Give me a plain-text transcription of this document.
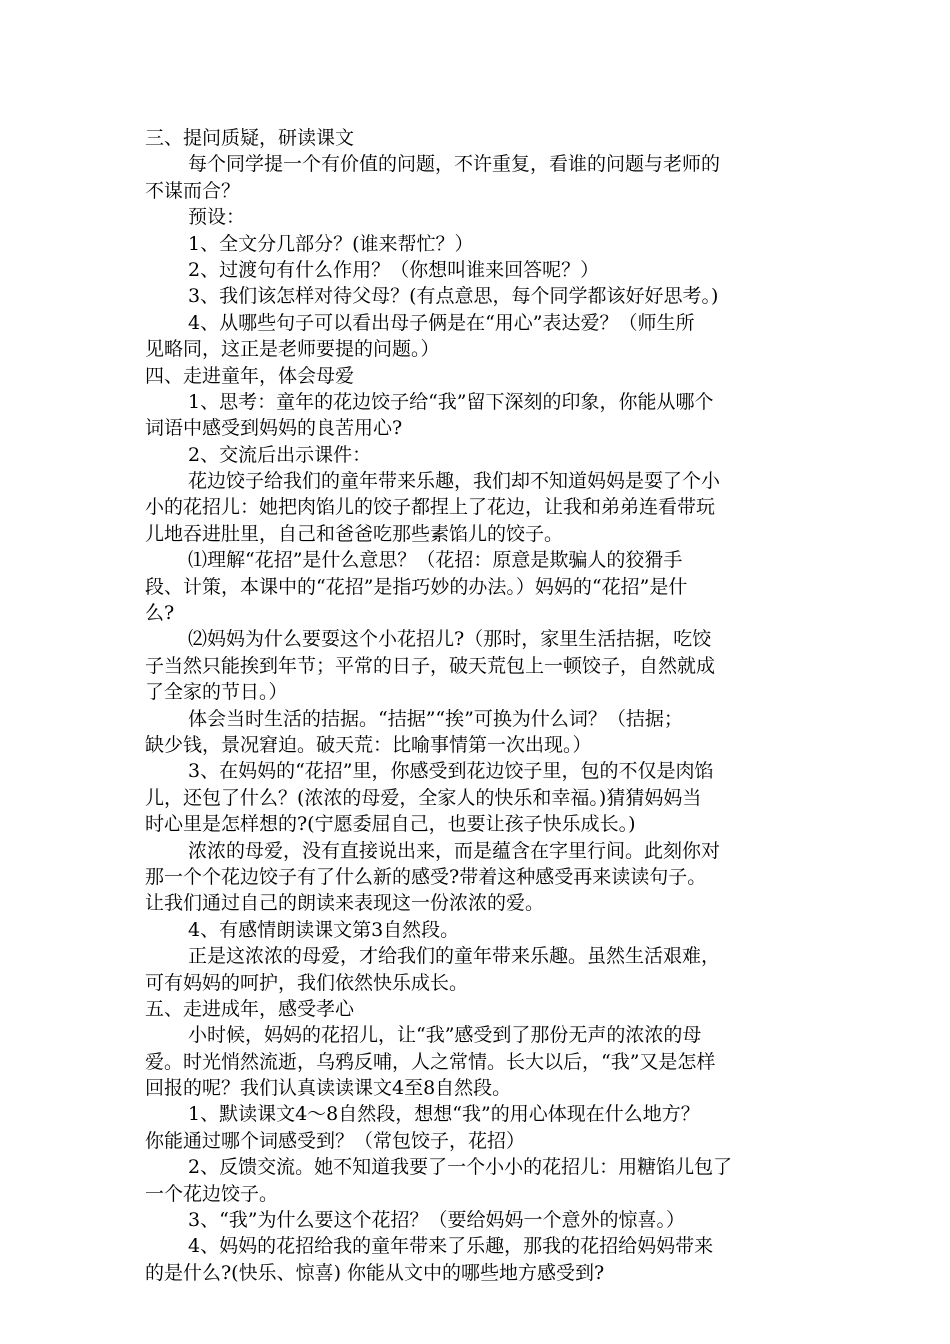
三、提问质疑，研读课文
每个同学提一个有价值的问题，不许重复，看谁的问题与老师的
不谋而合？
预设：
1、全文分几部分？(谁来帮忙？）
2、过渡句有什么作用？（你想叫谁来回答呢？）
3、我们该怎样对待父母？(有点意思，每个同学都该好好思考。)
4、从哪些句子可以看出母子俩是在“用心”表达爱？（师生所
见略同，这正是老师要提的问题。）
四、走进童年，体会母爱
1、思考：童年的花边饺子给“我”留下深刻的印象，你能从哪个
词语中感受到妈妈的良苦用心?
2、交流后出示课件：
花边饺子给我们的童年带来乐趣，我们却不知道妈妈是耍了个小
小的花招儿：她把肉馅儿的饺子都捏上了花边，让我和弟弟连看带玩
儿地吞进肚里，自己和爸爸吃那些素馅儿的饺子。
⑴理解“花招”是什么意思？（花招：原意是欺骗人的狡猾手
段、计策，本课中的“花招”是指巧妙的办法。）妈妈的“花招”是什
么?
⑵妈妈为什么要耍这个小花招儿?（那时，家里生活拮据，吃饺
子当然只能挨到年节；平常的日子，破天荒包上一顿饺子，自然就成
了全家的节日。）
体会当时生活的拮据。“拮据”“挨”可换为什么词？（拮据；
缺少钱，景况窘迫。破天荒：比喻事情第一次出现。）
3、在妈妈的“花招”里，你感受到花边饺子里，包的不仅是肉馅
儿，还包了什么？(浓浓的母爱，全家人的快乐和幸福。)猜猜妈妈当
时心里是怎样想的?(宁愿委屈自己，也要让孩子快乐成长。)
浓浓的母爱，没有直接说出来，而是蕴含在字里行间。此刻你对
那一个个花边饺子有了什么新的感受?带着这种感受再来读读句子。
让我们通过自己的朗读来表现这一份浓浓的爱。
4、有感情朗读课文第3自然段。
正是这浓浓的母爱，才给我们的童年带来乐趣。虽然生活艰难，
可有妈妈的呵护，我们依然快乐成长。
五、走进成年，感受孝心
小时候，妈妈的花招儿，让“我”感受到了那份无声的浓浓的母
爱。时光悄然流逝，乌鸦反哺，人之常情。长大以后，“我”又是怎样
回报的呢？我们认真读读课文4至8自然段。
1、默读课文4～8自然段，想想“我”的用心体现在什么地方？
你能通过哪个词感受到？（常包饺子，花招）
2、反馈交流。她不知道我要了一个小小的花招儿：用糖馅儿包了
一个花边饺子。
3、“我”为什么要这个花招？（要给妈妈一个意外的惊喜。）
4、妈妈的花招给我的童年带来了乐趣，那我的花招给妈妈带来
的是什么?(快乐、惊喜) 你能从文中的哪些地方感受到?
